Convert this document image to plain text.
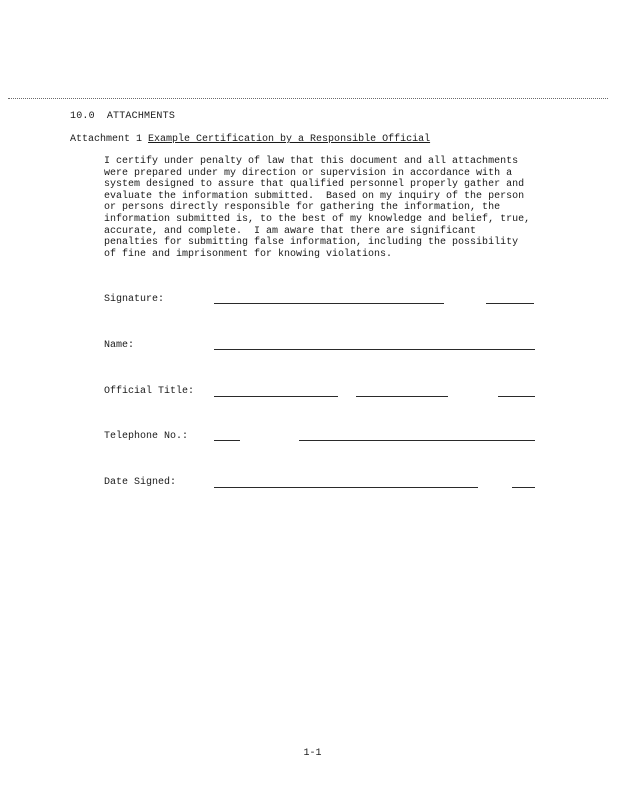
10.0 ATTACHMENTS
Attachment 1 Example Certification by a Responsible Official
I certify under penalty of law that this document and all attachments
were prepared under my direction or supervision in accordance with a
system designed to assure that qualified personnel properly gather and
evaluate the information submitted.  Based on my inquiry of the person
or persons directly responsible for gathering the information, the
information submitted is, to the best of my knowledge and belief, true,
accurate, and complete.  I am aware that there are significant
penalties for submitting false information, including the possibility
of fine and imprisonment for knowing violations.
Signature:
Name:
Official Title:
Telephone No.:
Date Signed:
1-1
